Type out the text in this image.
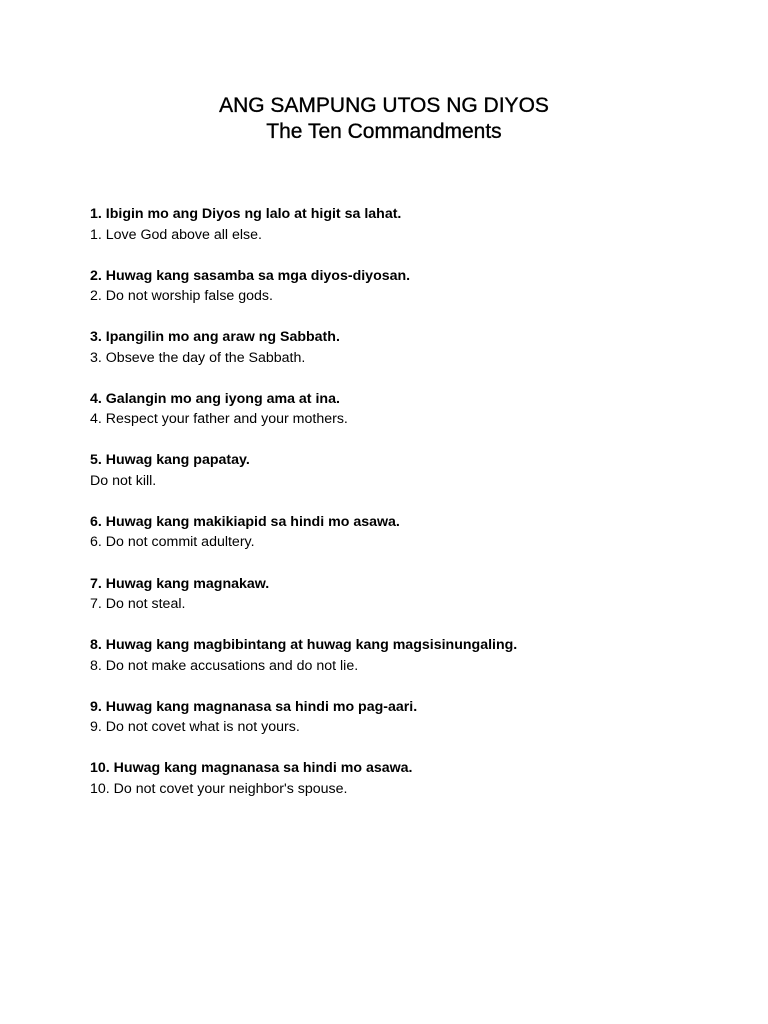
ANG SAMPUNG UTOS NG DIYOS
The Ten Commandments
1. Ibigin mo ang Diyos ng lalo at higit sa lahat.
1. Love God above all else.
2. Huwag kang sasamba sa mga diyos-diyosan.
2. Do not worship false gods.
3. Ipangilin mo ang araw ng Sabbath.
3. Obseve the day of the Sabbath.
4. Galangin mo ang iyong ama at ina.
4. Respect your father and your mothers.
5. Huwag kang papatay.
Do not kill.
6. Huwag kang makikiapid sa hindi mo asawa.
6. Do not commit adultery.
7. Huwag kang magnakaw.
7. Do not steal.
8. Huwag kang magbibintang at huwag kang magsisinungaling.
8. Do not make accusations and do not lie.
9. Huwag kang magnanasa sa hindi mo pag-aari.
9. Do not covet what is not yours.
10. Huwag kang magnanasa sa hindi mo asawa.
10. Do not covet your neighbor's spouse.
